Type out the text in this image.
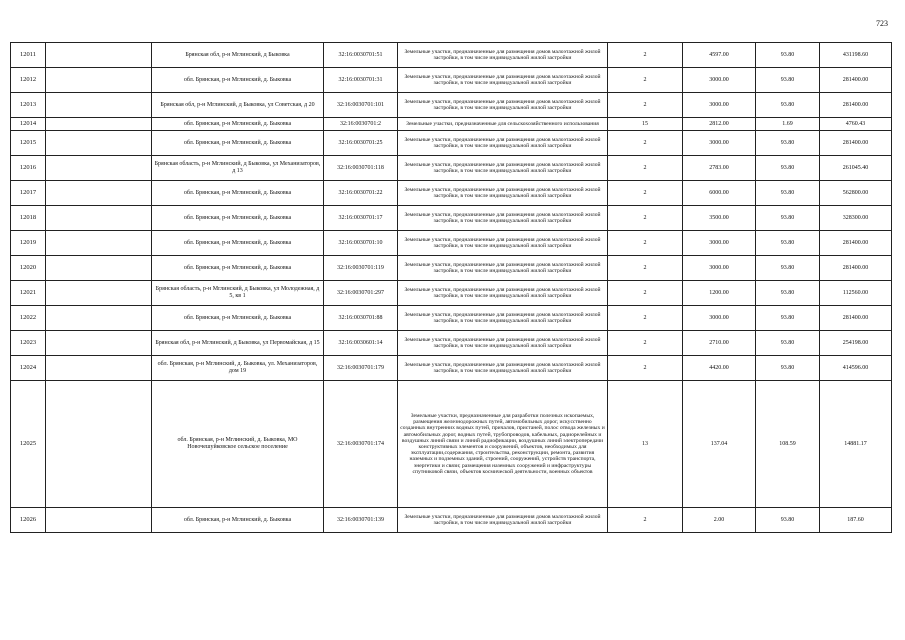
723
12011		Брянская обл, р-н Мглинский, д Быковка	32:16:0030701:51	Земельные участки, предназначенные для размещения домов малоэтажной жилой застройки, в том числе индивидуальной жилой застройки	2	4597.00	93.80	431198.60
12012		обл. Брянская, р-н Мглинский, д. Быковка	32:16:0030701:31	Земельные участки, предназначенные для размещения домов малоэтажной жилой застройки, в том числе индивидуальной жилой застройки	2	3000.00	93.80	281400.00
12013		Брянская обл, р-н Мглинский, д Быковка, ул Советская, д 20	32:16:0030701:101	Земельные участки, предназначенные для размещения домов малоэтажной жилой застройки, в том числе индивидуальной жилой застройки	2	3000.00	93.80	281400.00
12014		обл. Брянская, р-н Мглинский, д. Быковка	32:16:0030701:2	Земельные участки, предназначенные для сельскохозяйственного использования	15	2812.00	1.69	4760.43
12015		обл. Брянская, р-н Мглинский, д. Быковка	32:16:0030701:25	Земельные участки, предназначенные для размещения домов малоэтажной жилой застройки, в том числе индивидуальной жилой застройки	2	3000.00	93.80	281400.00
12016		Брянская область, р-н Мглинский, д Быковка, ул Механизаторов, д 13	32:16:0030701:118	Земельные участки, предназначенные для размещения домов малоэтажной жилой застройки, в том числе индивидуальной жилой застройки	2	2783.00	93.80	261045.40
12017		обл. Брянская, р-н Мглинский, д. Быковка	32:16:0030701:22	Земельные участки, предназначенные для размещения домов малоэтажной жилой застройки, в том числе индивидуальной жилой застройки	2	6000.00	93.80	562800.00
12018		обл. Брянская, р-н Мглинский, д. Быковка	32:16:0030701:17	Земельные участки, предназначенные для размещения домов малоэтажной жилой застройки, в том числе индивидуальной жилой застройки	2	3500.00	93.80	328300.00
12019		обл. Брянская, р-н Мглинский, д. Быковка	32:16:0030701:10	Земельные участки, предназначенные для размещения домов малоэтажной жилой застройки, в том числе индивидуальной жилой застройки	2	3000.00	93.80	281400.00
12020		обл. Брянская, р-н Мглинский, д. Быковка	32:16:0030701:119	Земельные участки, предназначенные для размещения домов малоэтажной жилой застройки, в том числе индивидуальной жилой застройки	2	3000.00	93.80	281400.00
12021		Брянская область, р-н Мглинский, д Быковка, ул Молодежная, д 5, кв 1	32:16:0030701:297	Земельные участки, предназначенные для размещения домов малоэтажной жилой застройки, в том числе индивидуальной жилой застройки	2	1200.00	93.80	112560.00
12022		обл. Брянская, р-н Мглинский, д. Быковка	32:16:0030701:88	Земельные участки, предназначенные для размещения домов малоэтажной жилой застройки, в том числе индивидуальной жилой застройки	2	3000.00	93.80	281400.00
12023		Брянская обл, р-н Мглинский, д Быковка, ул Первомайская, д 15	32:16:0030601:14	Земельные участки, предназначенные для размещения домов малоэтажной жилой застройки, в том числе индивидуальной жилой застройки	2	2710.00	93.80	254198.00
12024		обл. Брянская, р-н Мглинский, д. Быковка, ул. Механизаторов, дом 19	32:16:0030701:179	Земельные участки, предназначенные для размещения домов малоэтажной жилой застройки, в том числе индивидуальной жилой застройки	2	4420.00	93.80	414596.00
12025		обл. Брянская, р-н Мглинский, д. Быковка, МО Новочешуйковское сельское поселение	32:16:0030701:174	Земельные участки, предназначенные для разработки полезных ископаемых, размещения железнодорожных путей, автомобильных дорог, искусственно созданных внутренних водных путей, причалов, пристаней, полос отвода железных и автомобильных дорог, водных путей, трубопроводов, кабельных, радиорелейных и воздушных линий связи и линий радиофикации, воздушных линий электропередачи конструктивных элементов и сооружений, объектов, необходимых для эксплуатации,содержания, строительства, реконструкции, ремонта, развития наземных и подземных зданий, строений, сооружений, устройств транспорта, энергетики и связи; размещения наземных сооружений и инфраструктуры спутниковой связи, объектов космической деятельности, военных объектов	13	137.04	108.59	14881.17
12026		обл. Брянская, р-н Мглинский, д. Быковка	32:16:0030701:139	Земельные участки, предназначенные для размещения домов малоэтажной жилой застройки, в том числе индивидуальной жилой застройки	2	2.00	93.80	187.60
